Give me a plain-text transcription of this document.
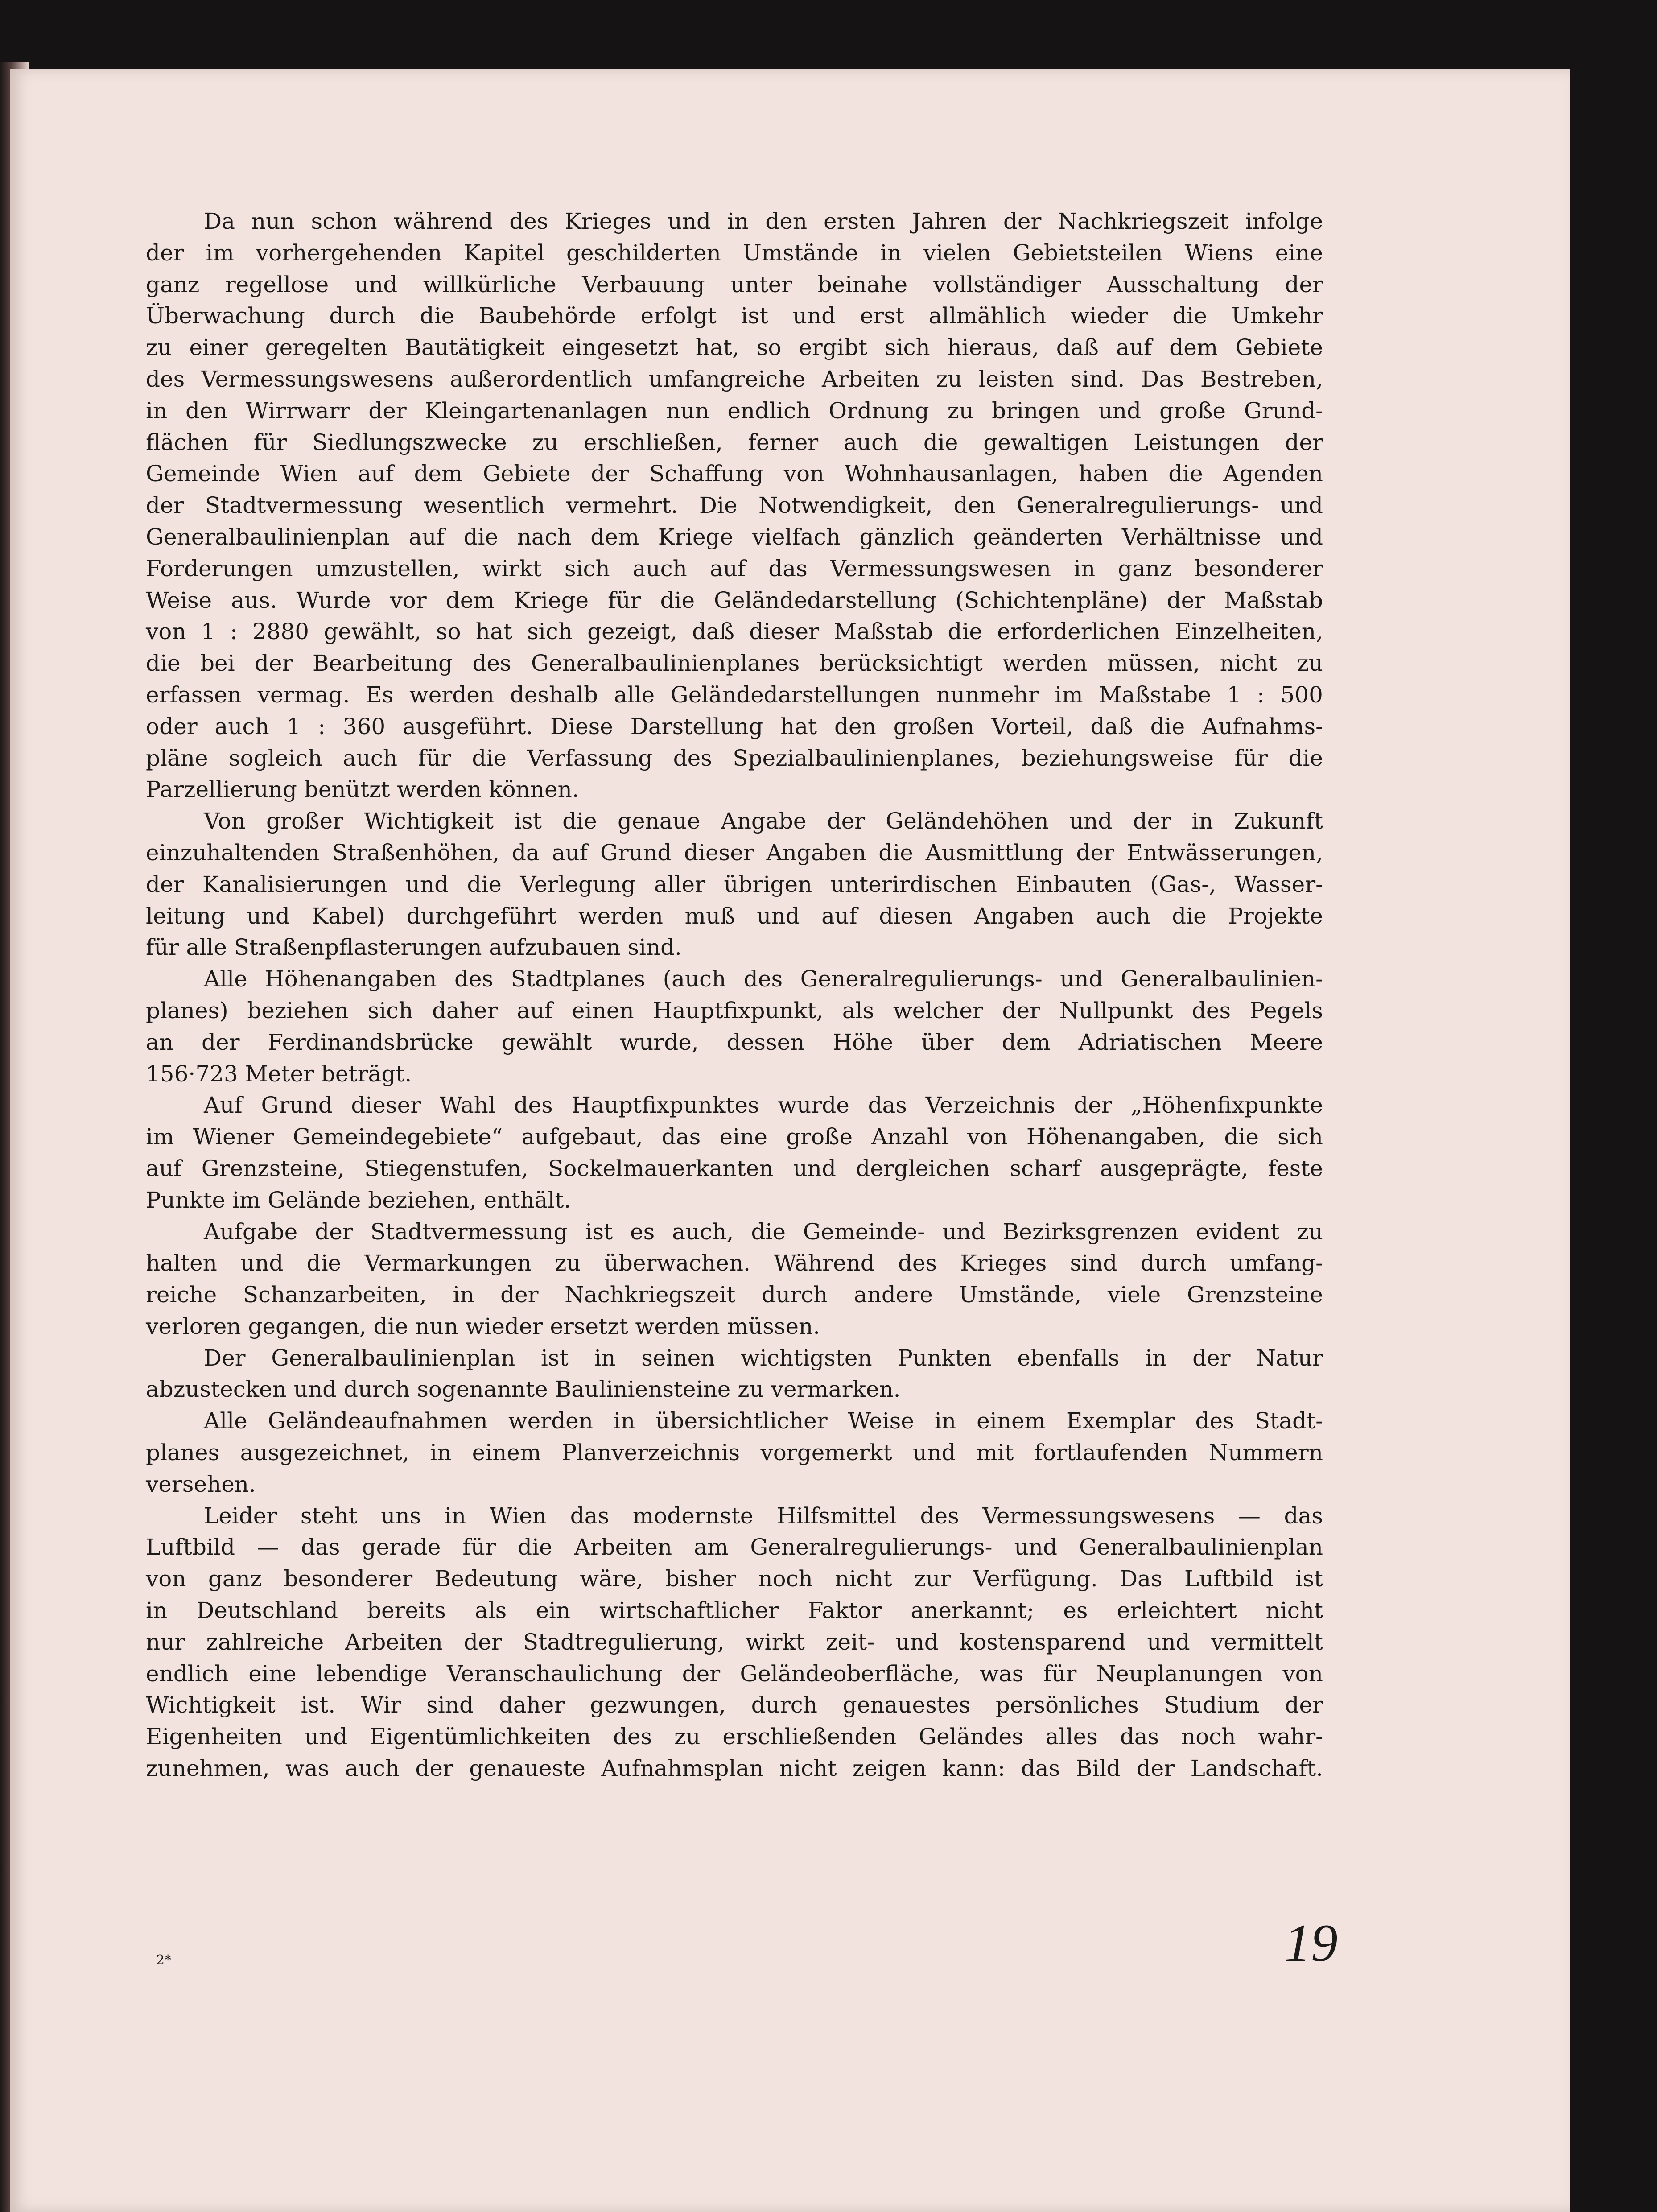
Da nun schon während des Krieges und in den ersten Jahren der Nachkriegszeit infolge
der im vorhergehenden Kapitel geschilderten Umstände in vielen Gebietsteilen Wiens eine
ganz regellose und willkürliche Verbauung unter beinahe vollständiger Ausschaltung der
Überwachung durch die Baubehörde erfolgt ist und erst allmählich wieder die Umkehr
zu einer geregelten Bautätigkeit eingesetzt hat, so ergibt sich hieraus, daß auf dem Gebiete
des Vermessungswesens außerordentlich umfangreiche Arbeiten zu leisten sind. Das Bestreben,
in den Wirrwarr der Kleingartenanlagen nun endlich Ordnung zu bringen und große Grund-
flächen für Siedlungszwecke zu erschließen, ferner auch die gewaltigen Leistungen der
Gemeinde Wien auf dem Gebiete der Schaffung von Wohnhausanlagen, haben die Agenden
der Stadtvermessung wesentlich vermehrt. Die Notwendigkeit, den Generalregulierungs- und
Generalbaulinienplan auf die nach dem Kriege vielfach gänzlich geänderten Verhältnisse und
Forderungen umzustellen, wirkt sich auch auf das Vermessungswesen in ganz besonderer
Weise aus. Wurde vor dem Kriege für die Geländedarstellung (Schichtenpläne) der Maßstab
von 1 : 2880 gewählt, so hat sich gezeigt, daß dieser Maßstab die erforderlichen Einzelheiten,
die bei der Bearbeitung des Generalbaulinienplanes berücksichtigt werden müssen, nicht zu
erfassen vermag. Es werden deshalb alle Geländedarstellungen nunmehr im Maßstabe 1 : 500
oder auch 1 : 360 ausgeführt. Diese Darstellung hat den großen Vorteil, daß die Aufnahms-
pläne sogleich auch für die Verfassung des Spezialbaulinienplanes, beziehungsweise für die
Parzellierung benützt werden können.
Von großer Wichtigkeit ist die genaue Angabe der Geländehöhen und der in Zukunft
einzuhaltenden Straßenhöhen, da auf Grund dieser Angaben die Ausmittlung der Entwässerungen,
der Kanalisierungen und die Verlegung aller übrigen unterirdischen Einbauten (Gas-, Wasser-
leitung und Kabel) durchgeführt werden muß und auf diesen Angaben auch die Projekte
für alle Straßenpflasterungen aufzubauen sind.
Alle Höhenangaben des Stadtplanes (auch des Generalregulierungs- und Generalbaulinien-
planes) beziehen sich daher auf einen Hauptfixpunkt, als welcher der Nullpunkt des Pegels
an der Ferdinandsbrücke gewählt wurde, dessen Höhe über dem Adriatischen Meere
156·723 Meter beträgt.
Auf Grund dieser Wahl des Hauptfixpunktes wurde das Verzeichnis der „Höhenfixpunkte
im Wiener Gemeindegebiete“ aufgebaut, das eine große Anzahl von Höhenangaben, die sich
auf Grenzsteine, Stiegenstufen, Sockelmauerkanten und dergleichen scharf ausgeprägte, feste
Punkte im Gelände beziehen, enthält.
Aufgabe der Stadtvermessung ist es auch, die Gemeinde- und Bezirksgrenzen evident zu
halten und die Vermarkungen zu überwachen. Während des Krieges sind durch umfang-
reiche Schanzarbeiten, in der Nachkriegszeit durch andere Umstände, viele Grenzsteine
verloren gegangen, die nun wieder ersetzt werden müssen.
Der Generalbaulinienplan ist in seinen wichtigsten Punkten ebenfalls in der Natur
abzustecken und durch sogenannte Bauliniensteine zu vermarken.
Alle Geländeaufnahmen werden in übersichtlicher Weise in einem Exemplar des Stadt-
planes ausgezeichnet, in einem Planverzeichnis vorgemerkt und mit fortlaufenden Nummern
versehen.
Leider steht uns in Wien das modernste Hilfsmittel des Vermessungswesens — das
Luftbild — das gerade für die Arbeiten am Generalregulierungs- und Generalbaulinienplan
von ganz besonderer Bedeutung wäre, bisher noch nicht zur Verfügung. Das Luftbild ist
in Deutschland bereits als ein wirtschaftlicher Faktor anerkannt; es erleichtert nicht
nur zahlreiche Arbeiten der Stadtregulierung, wirkt zeit- und kostensparend und vermittelt
endlich eine lebendige Veranschaulichung der Geländeoberfläche, was für Neuplanungen von
Wichtigkeit ist. Wir sind daher gezwungen, durch genauestes persönliches Studium der
Eigenheiten und Eigentümlichkeiten des zu erschließenden Geländes alles das noch wahr-
zunehmen, was auch der genaueste Aufnahmsplan nicht zeigen kann: das Bild der Landschaft.
2*	19
